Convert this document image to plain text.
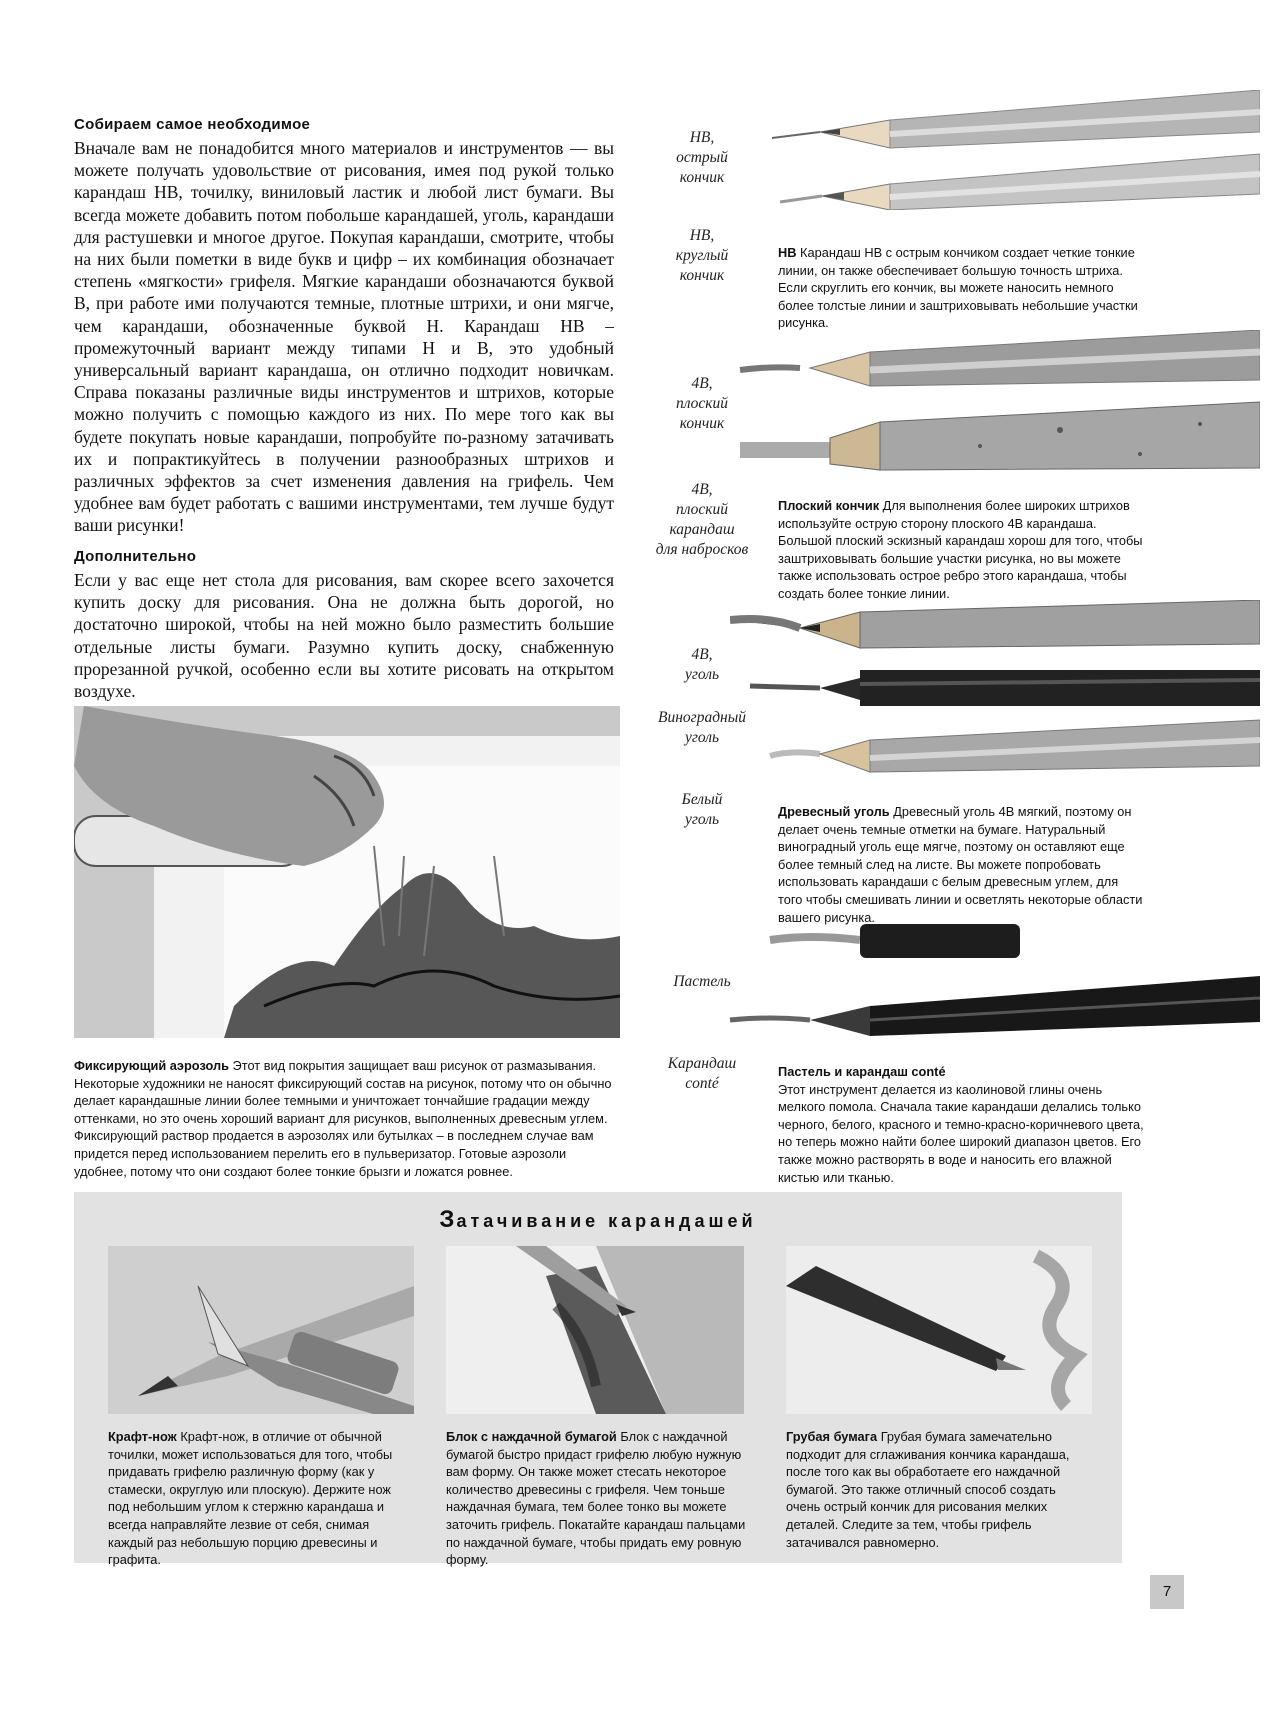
Собираем самое необходимое
Вначале вам не понадобится много материалов и инструментов — вы можете получать удовольствие от рисования, имея под рукой только карандаш НВ, точилку, виниловый ластик и любой лист бумаги. Вы всегда можете добавить потом побольше карандашей, уголь, карандаши для растушевки и многое другое. Покупая карандаши, смотрите, чтобы на них были пометки в виде букв и цифр – их комбинация обозначает степень «мягкости» грифеля. Мягкие карандаши обозначаются буквой В, при работе ими получаются темные, плотные штрихи, и они мягче, чем карандаши, обозначенные буквой Н. Карандаш НВ – промежуточный вариант между типами Н и В, это удобный универсальный вариант карандаша, он отлично подходит новичкам. Справа показаны различные виды инструментов и штрихов, которые можно получить с помощью каждого из них. По мере того как вы будете покупать новые карандаши, попробуйте по-разному затачивать их и попрактикуйтесь в получении разнообразных штрихов и различных эффектов за счет изменения давления на грифель. Чем удобнее вам будет работать с вашими инструментами, тем лучше будут ваши рисунки!
Дополнительно
Если у вас еще нет стола для рисования, вам скорее всего захочется купить доску для рисования. Она не должна быть дорогой, но достаточно широкой, чтобы на ней можно было разместить большие отдельные листы бумаги. Разумно купить доску, снабженную прорезанной ручкой, особенно если вы хотите рисовать на открытом воздухе.
Фиксирующий аэрозоль Этот вид покрытия защищает ваш рисунок от размазывания. Некоторые художники не наносят фиксирующий состав на рисунок, потому что он обычно делает карандашные линии более темными и уничтожает тончайшие градации между оттенками, но это очень хороший вариант для рисунков, выполненных древесным углем. Фиксирующий раствор продается в аэрозолях или бутылках – в последнем случае вам придется перед использованием перелить его в пульверизатор. Готовые аэрозоли удобнее, потому что они создают более тонкие брызги и ложатся ровнее.
HB,
острый
кончик
HB,
круглый
кончик
4B,
плоский
кончик
4B,
плоский
карандаш
для набросков
4B,
уголь
Виноградный
уголь
Белый
уголь
Пастель
Карандаш
conté
НВ Карандаш НВ с острым кончиком создает четкие тонкие линии, он также обеспечивает большую точность штриха. Если скруглить его кончик, вы можете наносить немного более толстые линии и заштриховывать небольшие участки рисунка.
Плоский кончик Для выполнения более широких штрихов используйте острую сторону плоского 4В карандаша. Большой плоский эскизный карандаш хорош для того, чтобы заштриховывать большие участки рисунка, но вы можете также использовать острое ребро этого карандаша, чтобы создать более тонкие линии.
Древесный уголь Древесный уголь 4В мягкий, поэтому он делает очень темные отметки на бумаге. Натуральный виноградный уголь еще мягче, поэтому он оставляют еще более темный след на листе. Вы можете попробовать использовать карандаши с белым древесным углем, для того чтобы смешивать линии и осветлять некоторые области вашего рисунка.
Пастель и карандаш conté
Этот инструмент делается из каолиновой глины очень мелкого помола. Сначала такие карандаши делались только черного, белого, красного и темно-красно-коричневого цвета, но теперь можно найти более широкий диапазон цветов. Его также можно растворять в воде и наносить его влажной кистью или тканью.
Затачивание карандашей
Крафт-нож Крафт-нож, в отличие от обычной точилки, может использоваться для того, чтобы придавать грифелю различную форму (как у стамески, округлую или плоскую). Держите нож под небольшим углом к стержню карандаша и всегда направляйте лезвие от себя, снимая каждый раз небольшую порцию древесины и графита.
Блок с наждачной бумагой Блок с наждачной бумагой быстро придаст грифелю любую нужную вам форму. Он также может стесать некоторое количество древесины с грифеля. Чем тоньше наждачная бумага, тем более тонко вы можете заточить грифель. Покатайте карандаш пальцами по наждачной бумаге, чтобы придать ему ровную форму.
Грубая бумага Грубая бумага замечательно подходит для сглаживания кончика карандаша, после того как вы обработаете его наждачной бумагой. Это также отличный способ создать очень острый кончик для рисования мелких деталей. Следите за тем, чтобы грифель затачивался равномерно.
7
